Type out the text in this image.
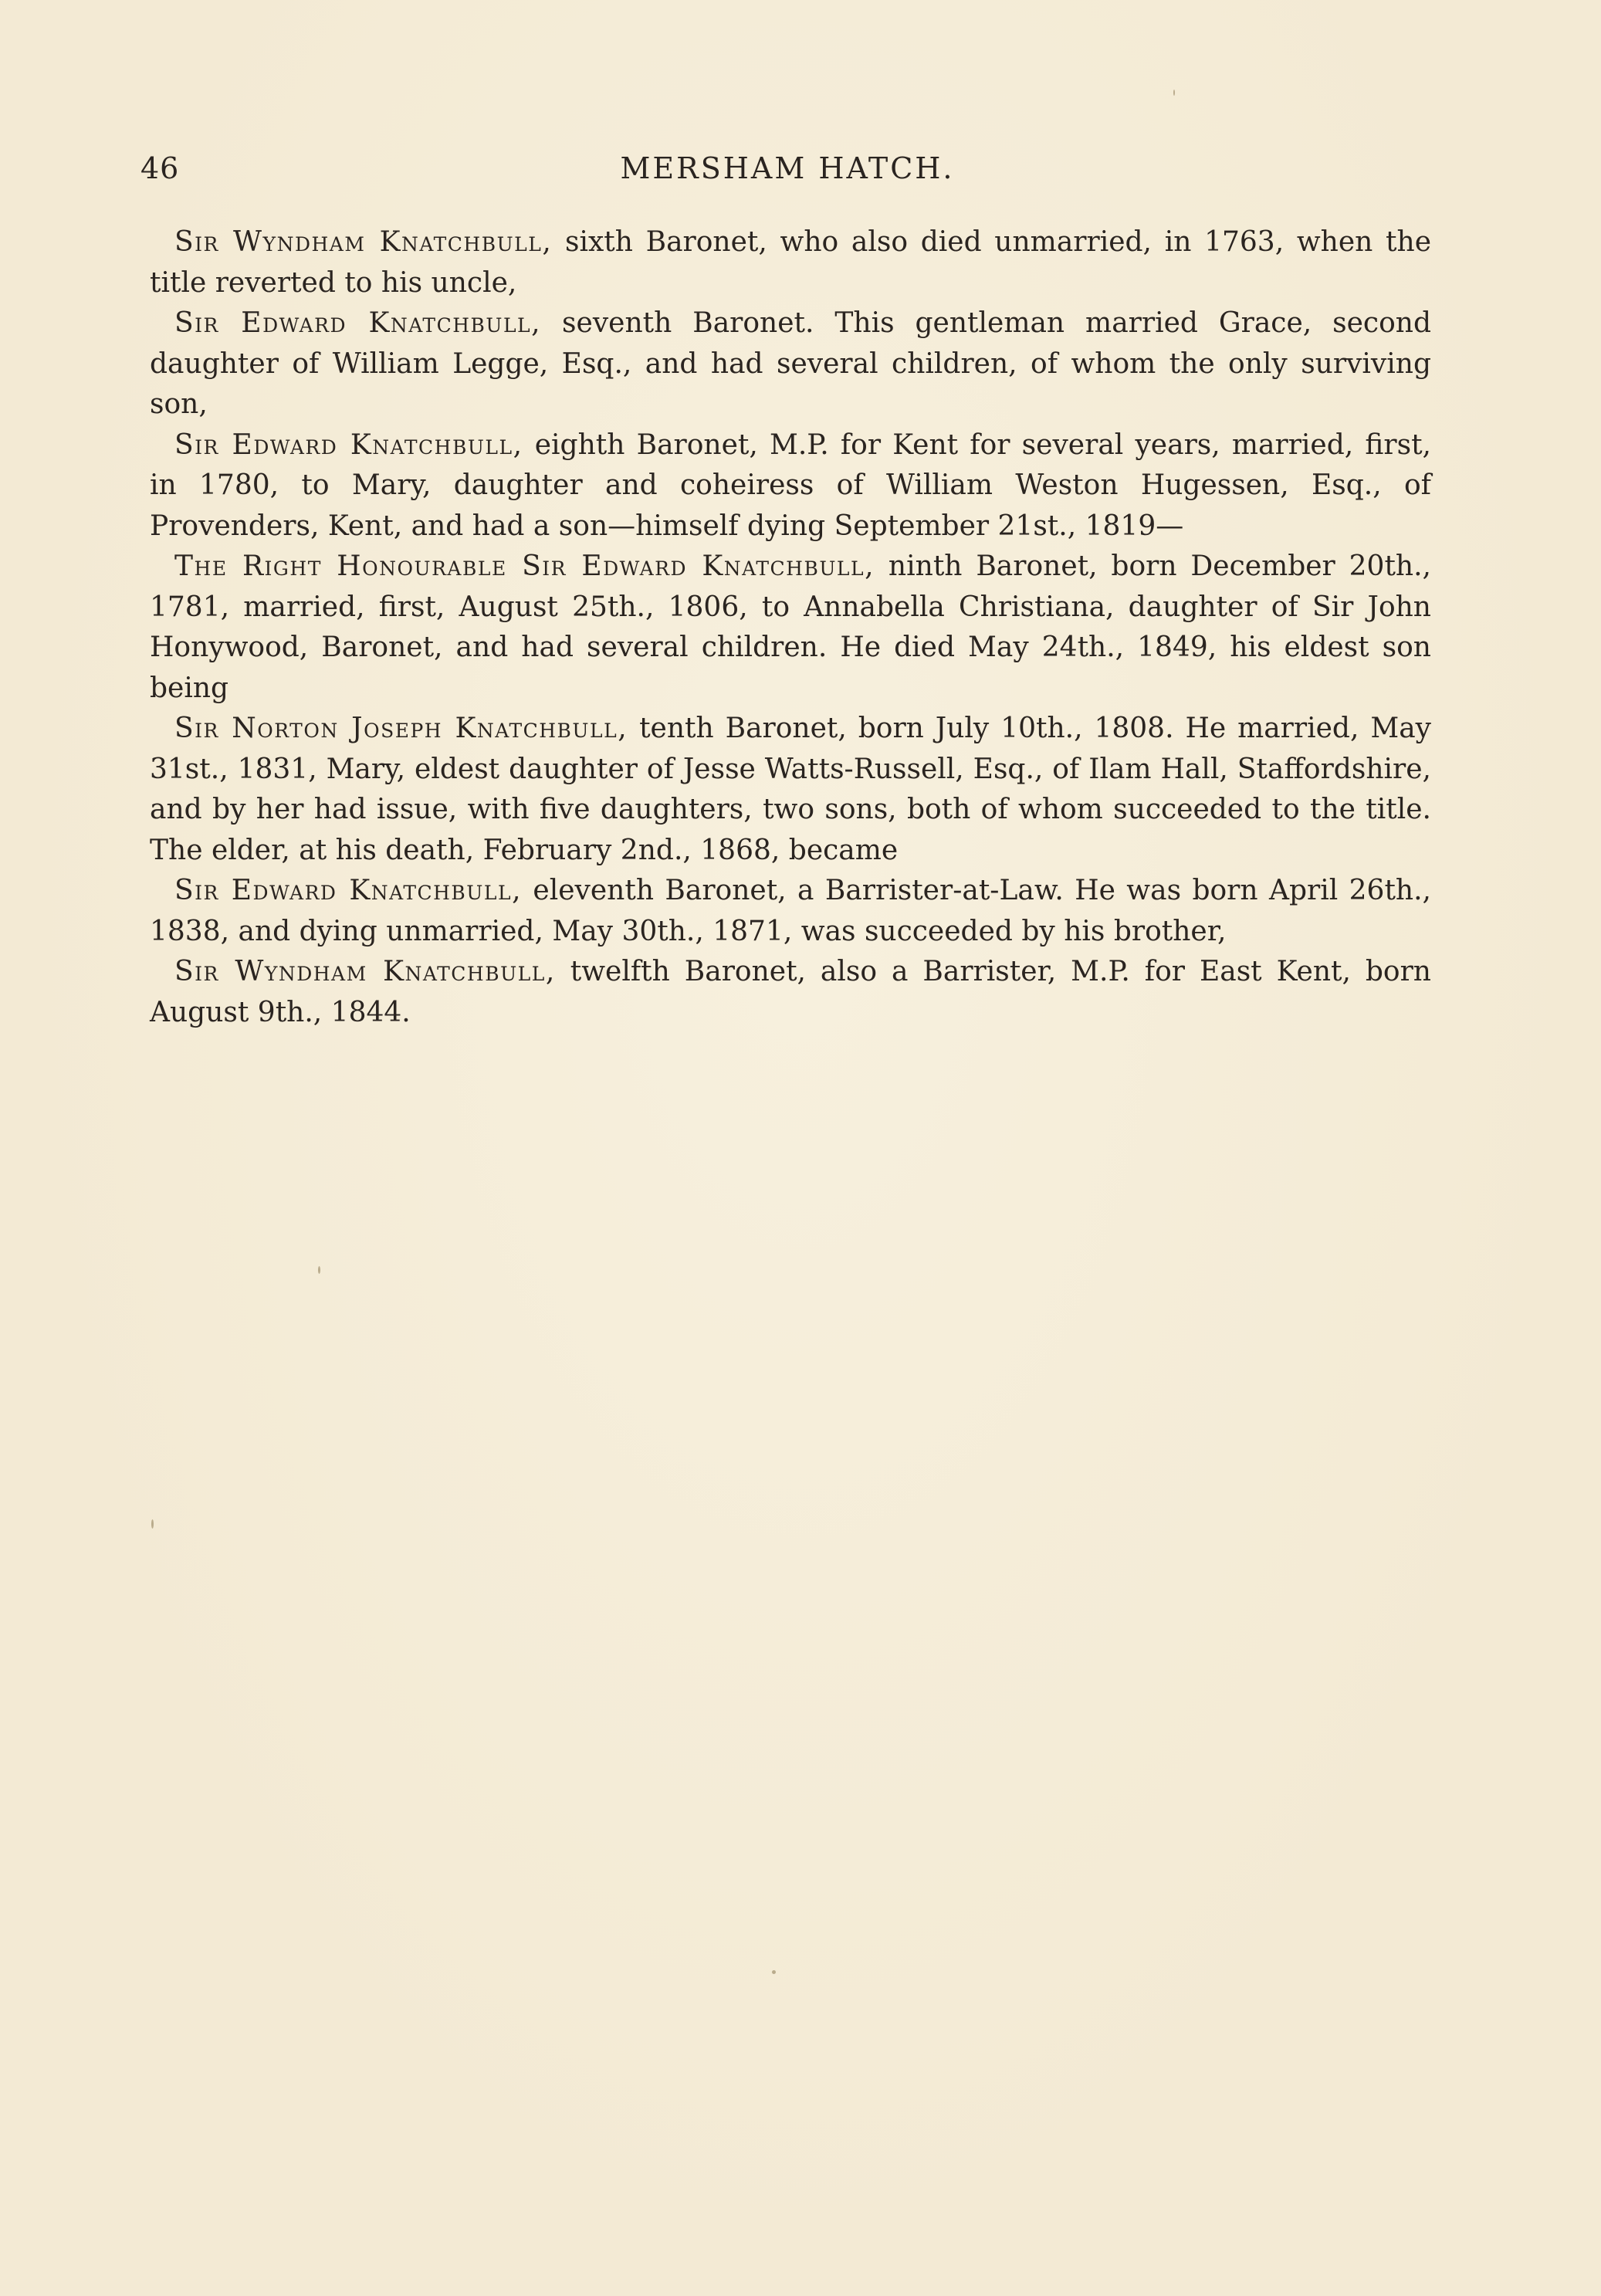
46	MERSHAM HATCH.

Sir Wyndham Knatchbull, sixth Baronet, who also died unmarried, in 1763, when the title reverted to his uncle,

Sir Edward Knatchbull, seventh Baronet. This gentleman married Grace, second daughter of William Legge, Esq., and had several children, of whom the only surviving son,

Sir Edward Knatchbull, eighth Baronet, M.P. for Kent for several years, married, first, in 1780, to Mary, daughter and coheiress of William Weston Hugessen, Esq., of Provenders, Kent, and had a son—himself dying September 21st., 1819—

The Right Honourable Sir Edward Knatchbull, ninth Baronet, born December 20th., 1781, married, first, August 25th., 1806, to Annabella Christiana, daughter of Sir John Honywood, Baronet, and had several children. He died May 24th., 1849, his eldest son being

Sir Norton Joseph Knatchbull, tenth Baronet, born July 10th., 1808. He married, May 31st., 1831, Mary, eldest daughter of Jesse Watts-Russell, Esq., of Ilam Hall, Staffordshire, and by her had issue, with five daughters, two sons, both of whom succeeded to the title. The elder, at his death, February 2nd., 1868, became

Sir Edward Knatchbull, eleventh Baronet, a Barrister-at-Law. He was born April 26th., 1838, and dying unmarried, May 30th., 1871, was succeeded by his brother,

Sir Wyndham Knatchbull, twelfth Baronet, also a Barrister, M.P. for East Kent, born August 9th., 1844.
